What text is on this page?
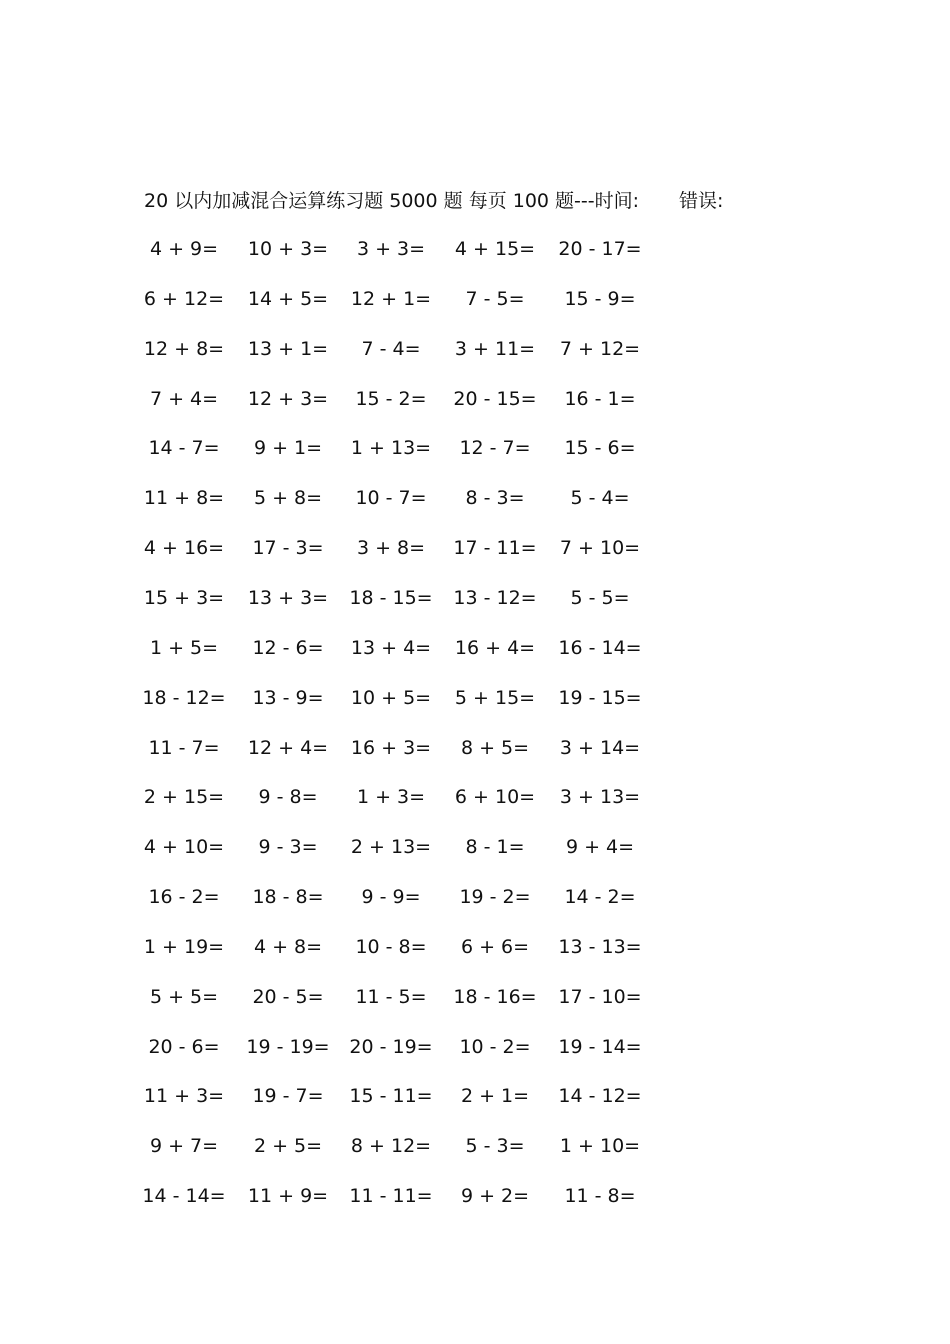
20 以内加减混合运算练习题 5000 题 每页 100 题---时间: 错误:
4 + 9=	10 + 3=	3 + 3=	4 + 15=	20 - 17=
6 + 12=	14 + 5=	12 + 1=	7 - 5=	15 - 9=
12 + 8=	13 + 1=	7 - 4=	3 + 11=	7 + 12=
7 + 4=	12 + 3=	15 - 2=	20 - 15=	16 - 1=
14 - 7=	9 + 1=	1 + 13=	12 - 7=	15 - 6=
11 + 8=	5 + 8=	10 - 7=	8 - 3=	5 - 4=
4 + 16=	17 - 3=	3 + 8=	17 - 11=	7 + 10=
15 + 3=	13 + 3=	18 - 15=	13 - 12=	5 - 5=
1 + 5=	12 - 6=	13 + 4=	16 + 4=	16 - 14=
18 - 12=	13 - 9=	10 + 5=	5 + 15=	19 - 15=
11 - 7=	12 + 4=	16 + 3=	8 + 5=	3 + 14=
2 + 15=	9 - 8=	1 + 3=	6 + 10=	3 + 13=
4 + 10=	9 - 3=	2 + 13=	8 - 1=	9 + 4=
16 - 2=	18 - 8=	9 - 9=	19 - 2=	14 - 2=
1 + 19=	4 + 8=	10 - 8=	6 + 6=	13 - 13=
5 + 5=	20 - 5=	11 - 5=	18 - 16=	17 - 10=
20 - 6=	19 - 19=	20 - 19=	10 - 2=	19 - 14=
11 + 3=	19 - 7=	15 - 11=	2 + 1=	14 - 12=
9 + 7=	2 + 5=	8 + 12=	5 - 3=	1 + 10=
14 - 14=	11 + 9=	11 - 11=	9 + 2=	11 - 8=
